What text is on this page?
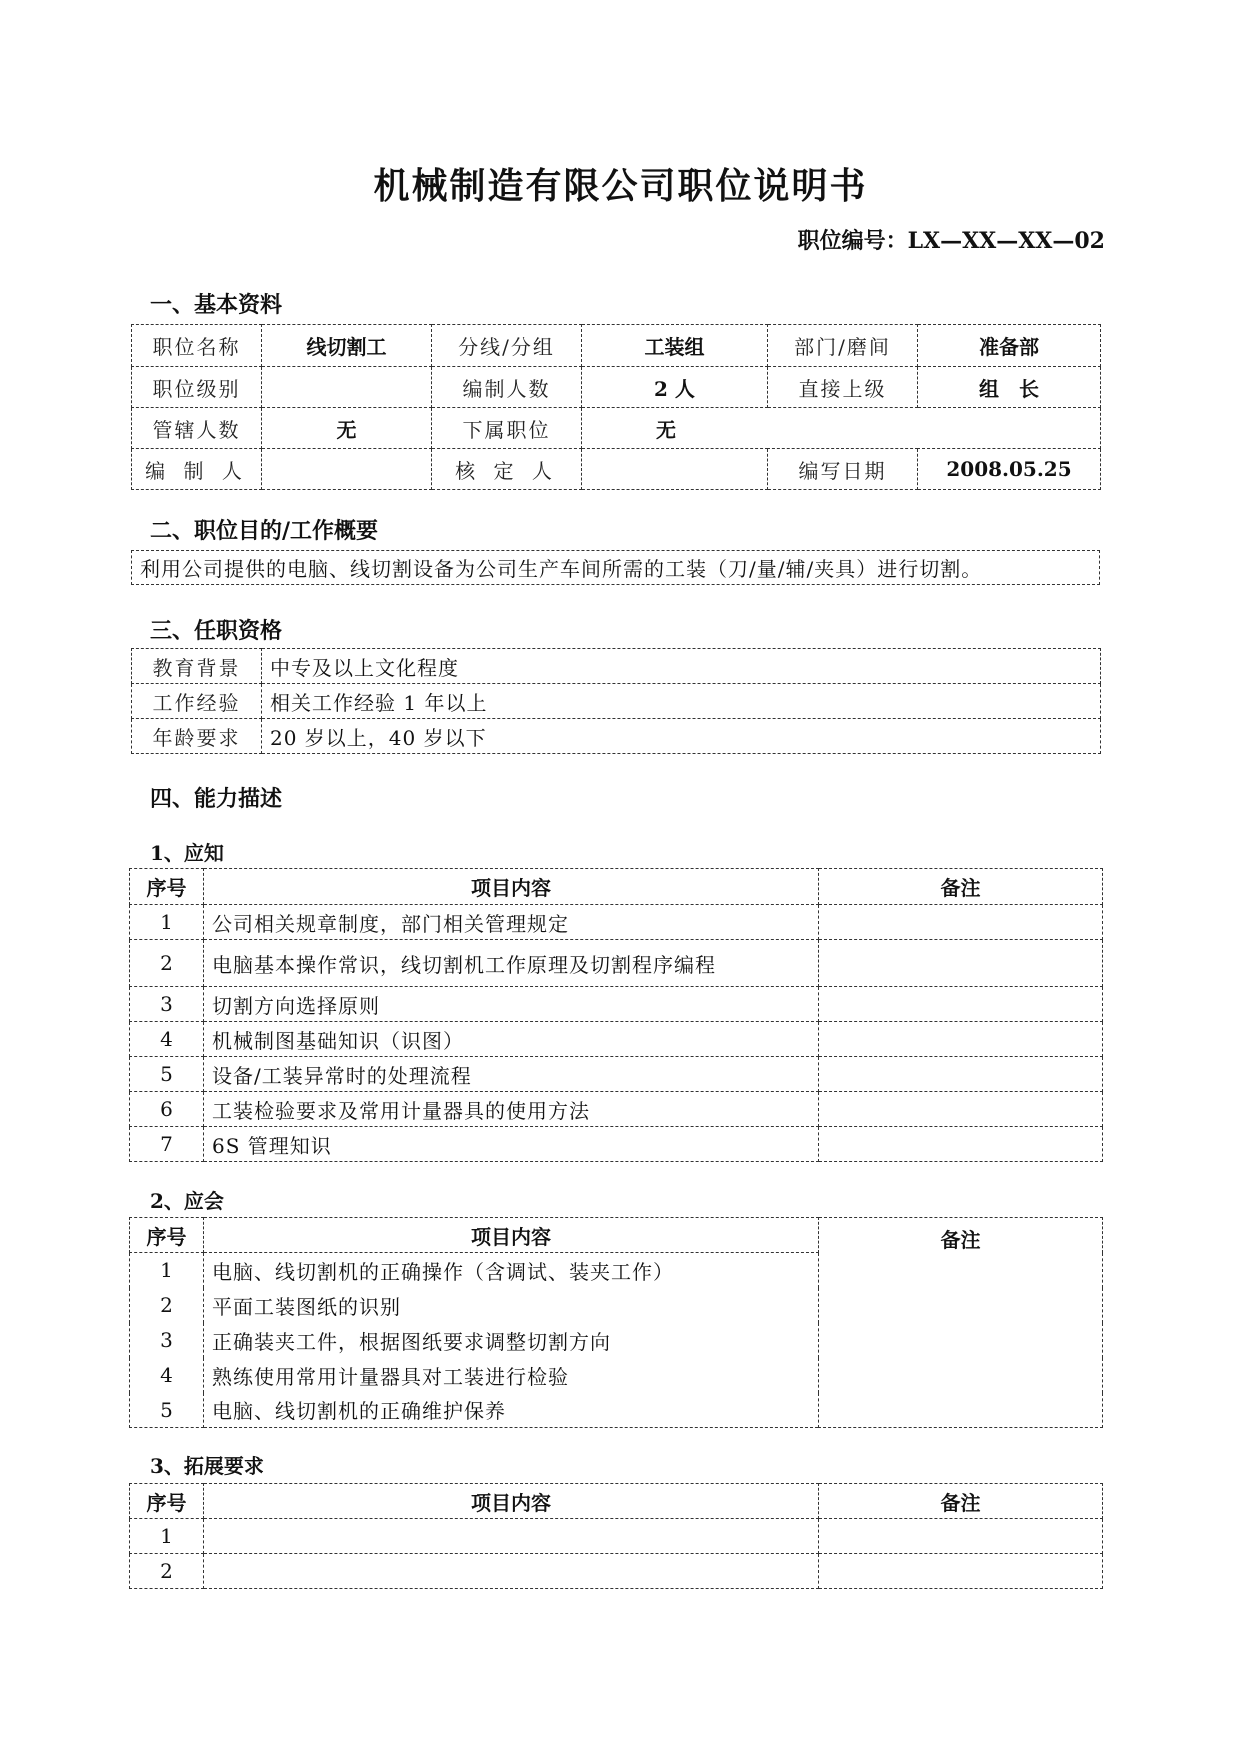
机械制造有限公司职位说明书
职位编号：LX—XX—XX—02
一、基本资料
职位名称	线切割工	分线/分组	工装组	部门/磨间	准备部
职位级别		编制人数	2 人	直接上级	组　长
管辖人数	无	下属职位	无		
编 制 人		核 定 人		编写日期	2008.05.25
二、职位目的/工作概要
利用公司提供的电脑、线切割设备为公司生产车间所需的工装（刀/量/辅/夹具）进行切割。
三、任职资格
教育背景	中专及以上文化程度
工作经验	相关工作经验 1 年以上
年龄要求	20 岁以上，40 岁以下
四、能力描述
1、应知
序号	项目内容	备注
1	公司相关规章制度，部门相关管理规定	
2	电脑基本操作常识，线切割机工作原理及切割程序编程	
3	切割方向选择原则	
4	机械制图基础知识（识图）	
5	设备/工装异常时的处理流程	
6	工装检验要求及常用计量器具的使用方法	
7	6S 管理知识	
2、应会
序号	项目内容	备注
1	电脑、线切割机的正确操作（含调试、装夹工作）	
2	平面工装图纸的识别	
3	正确装夹工件，根据图纸要求调整切割方向	
4	熟练使用常用计量器具对工装进行检验	
5	电脑、线切割机的正确维护保养	
3、拓展要求
序号	项目内容	备注
1		
2		
